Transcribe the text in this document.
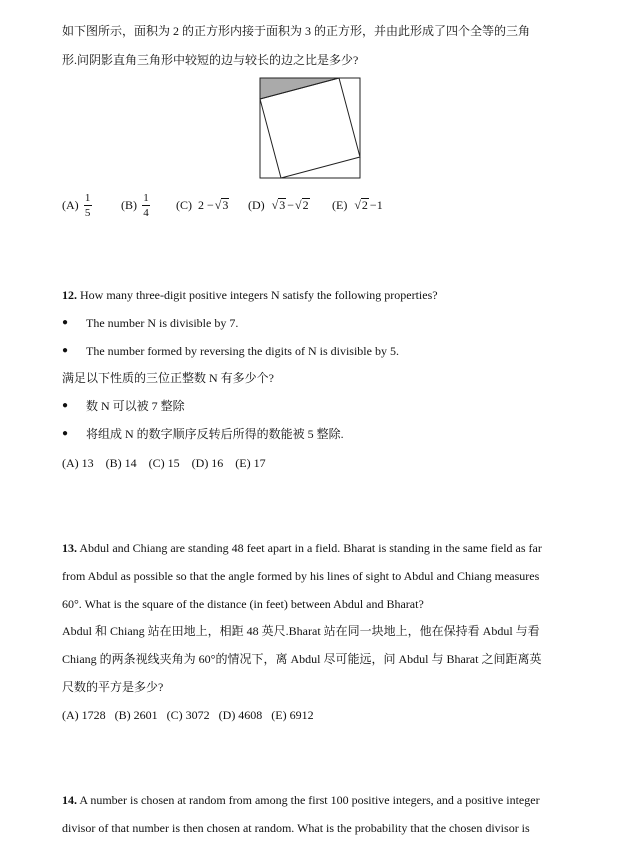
如下图所示，面积为 2 的正方形内接于面积为 3 的正方形，并由此形成了四个全等的三角
形.问阴影直角三角形中较短的边与较长的边之比是多少?
$(A) \frac{1}{5} (B) \frac{1}{4} (C)$
2 − √ 3 (D)
√ 3 − √ 2 (E)
√ 2 −1
12. How many three-digit positive integers N satisfy the following properties?
● The number N is divisible by 7.
● The number formed by reversing the digits of N is divisible by 5.
满足以下性质的三位正整数 N 有多少个?
● 数 N 可以被 7 整除
● 将组成 N 的数字顺序反转后所得的数能被 5 整除.
(A) 13    (B) 14    (C) 15    (D) 16    (E) 17
13. Abdul and Chiang are standing 48 feet apart in a field. Bharat is standing in the same field as far
from Abdul as possible so that the angle formed by his lines of sight to Abdul and Chiang measures
60°. What is the square of the distance (in feet) between Abdul and Bharat?
Abdul 和 Chiang 站在田地上，相距 48 英尺.Bharat 站在同一块地上，他在保持看 Abdul 与看
Chiang 的两条视线夹角为 60°的情况下，离 Abdul 尽可能远，问 Abdul 与 Bharat 之间距离英
尺数的平方是多少?
(A) 1728   (B) 2601   (C) 3072   (D) 4608   (E) 6912
14. A number is chosen at random from among the first 100 positive integers, and a positive integer
divisor of that number is then chosen at random. What is the probability that the chosen divisor is
